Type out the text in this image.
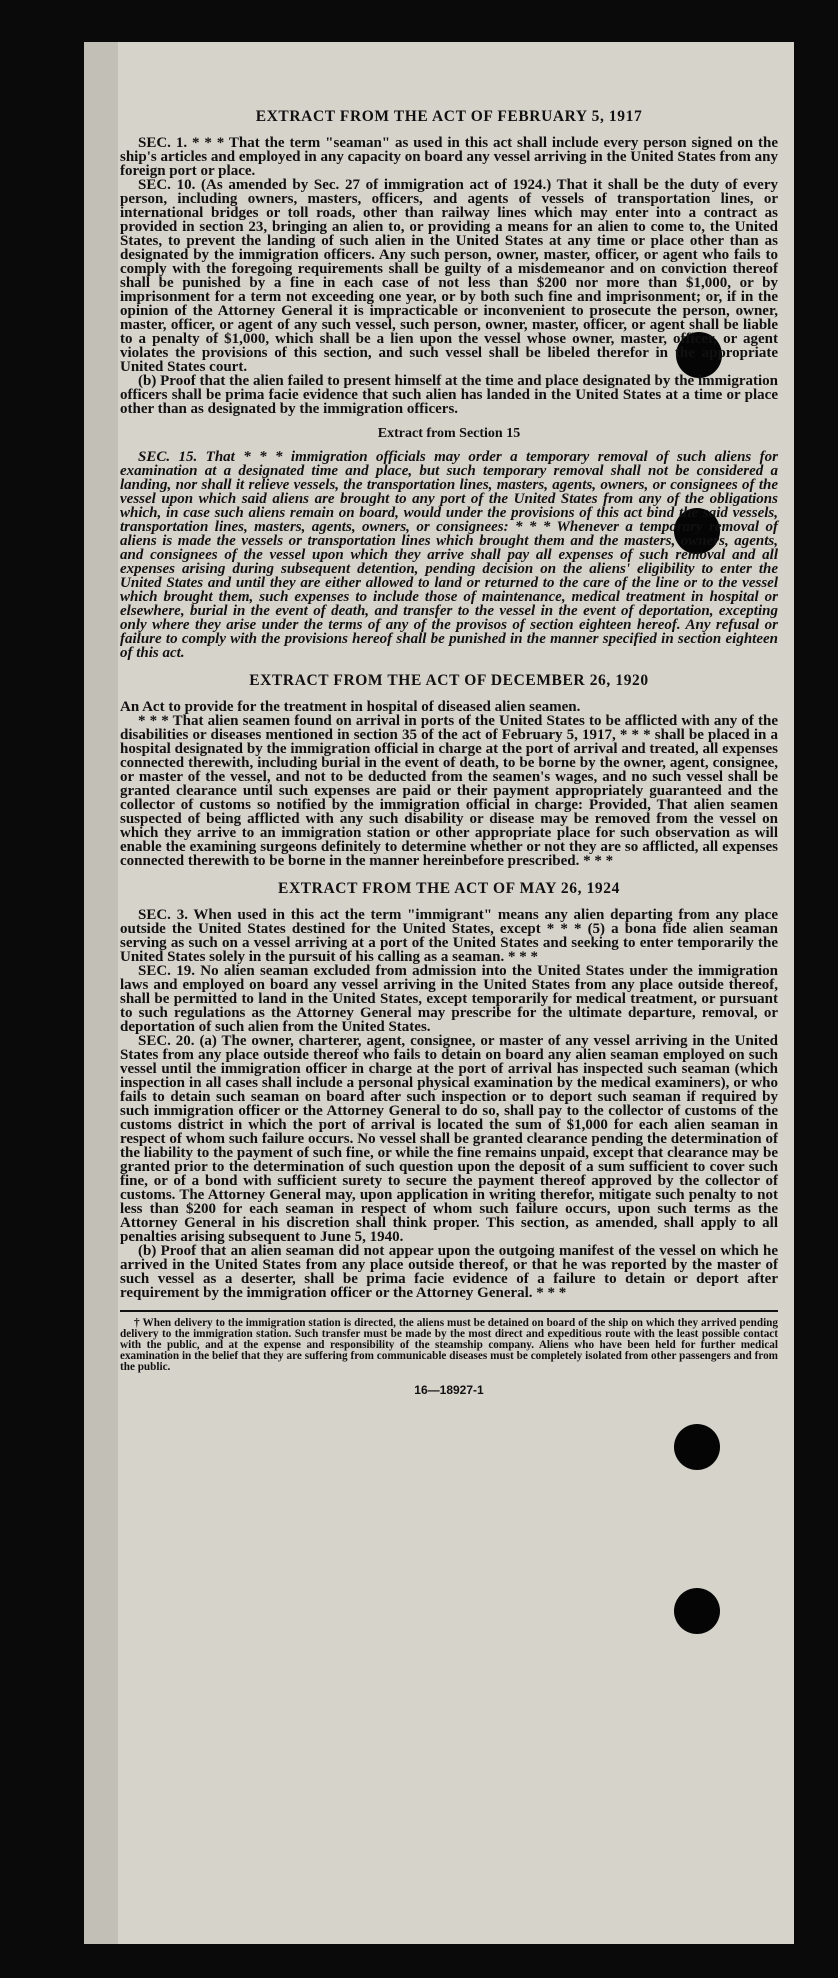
EXTRACT FROM THE ACT OF FEBRUARY 5, 1917

SEC. 1. * * * That the term "seaman" as used in this act shall include every person signed on the ship's articles and employed in any capacity on board any vessel arriving in the United States from any foreign port or place.

SEC. 10. (As amended by Sec. 27 of immigration act of 1924.) That it shall be the duty of every person, including owners, masters, officers, and agents of vessels of transportation lines, or international bridges or toll roads, other than railway lines which may enter into a contract as provided in section 23, bringing an alien to, or providing a means for an alien to come to, the United States, to prevent the landing of such alien in the United States at any time or place other than as designated by the immigration officers. Any such person, owner, master, officer, or agent who fails to comply with the foregoing requirements shall be guilty of a misdemeanor and on conviction thereof shall be punished by a fine in each case of not less than $200 nor more than $1,000, or by imprisonment for a term not exceeding one year, or by both such fine and imprisonment; or, if in the opinion of the Attorney General it is impracticable or inconvenient to prosecute the person, owner, master, officer, or agent of any such vessel, such person, owner, master, officer, or agent shall be liable to a penalty of $1,000, which shall be a lien upon the vessel whose owner, master, officer, or agent violates the provisions of this section, and such vessel shall be libeled therefor in the appropriate United States court.

(b) Proof that the alien failed to present himself at the time and place designated by the immigration officers shall be prima facie evidence that such alien has landed in the United States at a time or place other than as designated by the immigration officers.

Extract from Section 15

SEC. 15. That * * * immigration officials may order a temporary removal of such aliens for examination at a designated time and place, but such temporary removal shall not be considered a landing, nor shall it relieve vessels, the transportation lines, masters, agents, owners, or consignees of the vessel upon which said aliens are brought to any port of the United States from any of the obligations which, in case such aliens remain on board, would under the provisions of this act bind the said vessels, transportation lines, masters, agents, owners, or consignees: * * * Whenever a temporary removal of aliens is made the vessels or transportation lines which brought them and the masters, owners, agents, and consignees of the vessel upon which they arrive shall pay all expenses of such removal and all expenses arising during subsequent detention, pending decision on the aliens' eligibility to enter the United States and until they are either allowed to land or returned to the care of the line or to the vessel which brought them, such expenses to include those of maintenance, medical treatment in hospital or elsewhere, burial in the event of death, and transfer to the vessel in the event of deportation, excepting only where they arise under the terms of any of the provisos of section eighteen hereof. Any refusal or failure to comply with the provisions hereof shall be punished in the manner specified in section eighteen of this act.

EXTRACT FROM THE ACT OF DECEMBER 26, 1920

An Act to provide for the treatment in hospital of diseased alien seamen.

* * * That alien seamen found on arrival in ports of the United States to be afflicted with any of the disabilities or diseases mentioned in section 35 of the act of February 5, 1917, * * * shall be placed in a hospital designated by the immigration official in charge at the port of arrival and treated, all expenses connected therewith, including burial in the event of death, to be borne by the owner, agent, consignee, or master of the vessel, and not to be deducted from the seamen's wages, and no such vessel shall be granted clearance until such expenses are paid or their payment appropriately guaranteed and the collector of customs so notified by the immigration official in charge: Provided, That alien seamen suspected of being afflicted with any such disability or disease may be removed from the vessel on which they arrive to an immigration station or other appropriate place for such observation as will enable the examining surgeons definitely to determine whether or not they are so afflicted, all expenses connected therewith to be borne in the manner hereinbefore prescribed. * * *

EXTRACT FROM THE ACT OF MAY 26, 1924

SEC. 3. When used in this act the term "immigrant" means any alien departing from any place outside the United States destined for the United States, except * * * (5) a bona fide alien seaman serving as such on a vessel arriving at a port of the United States and seeking to enter temporarily the United States solely in the pursuit of his calling as a seaman. * * *

SEC. 19. No alien seaman excluded from admission into the United States under the immigration laws and employed on board any vessel arriving in the United States from any place outside thereof, shall be permitted to land in the United States, except temporarily for medical treatment, or pursuant to such regulations as the Attorney General may prescribe for the ultimate departure, removal, or deportation of such alien from the United States.

SEC. 20. (a) The owner, charterer, agent, consignee, or master of any vessel arriving in the United States from any place outside thereof who fails to detain on board any alien seaman employed on such vessel until the immigration officer in charge at the port of arrival has inspected such seaman (which inspection in all cases shall include a personal physical examination by the medical examiners), or who fails to detain such seaman on board after such inspection or to deport such seaman if required by such immigration officer or the Attorney General to do so, shall pay to the collector of customs of the customs district in which the port of arrival is located the sum of $1,000 for each alien seaman in respect of whom such failure occurs. No vessel shall be granted clearance pending the determination of the liability to the payment of such fine, or while the fine remains unpaid, except that clearance may be granted prior to the determination of such question upon the deposit of a sum sufficient to cover such fine, or of a bond with sufficient surety to secure the payment thereof approved by the collector of customs. The Attorney General may, upon application in writing therefor, mitigate such penalty to not less than $200 for each seaman in respect of whom such failure occurs, upon such terms as the Attorney General in his discretion shall think proper. This section, as amended, shall apply to all penalties arising subsequent to June 5, 1940.

(b) Proof that an alien seaman did not appear upon the outgoing manifest of the vessel on which he arrived in the United States from any place outside thereof, or that he was reported by the master of such vessel as a deserter, shall be prima facie evidence of a failure to detain or deport after requirement by the immigration officer or the Attorney General. * * *

† When delivery to the immigration station is directed, the aliens must be detained on board of the ship on which they arrived pending delivery to the immigration station. Such transfer must be made by the most direct and expeditious route with the least possible contact with the public, and at the expense and responsibility of the steamship company. Aliens who have been held for further medical examination in the belief that they are suffering from communicable diseases must be completely isolated from other passengers and from the public.

16—18927-1
